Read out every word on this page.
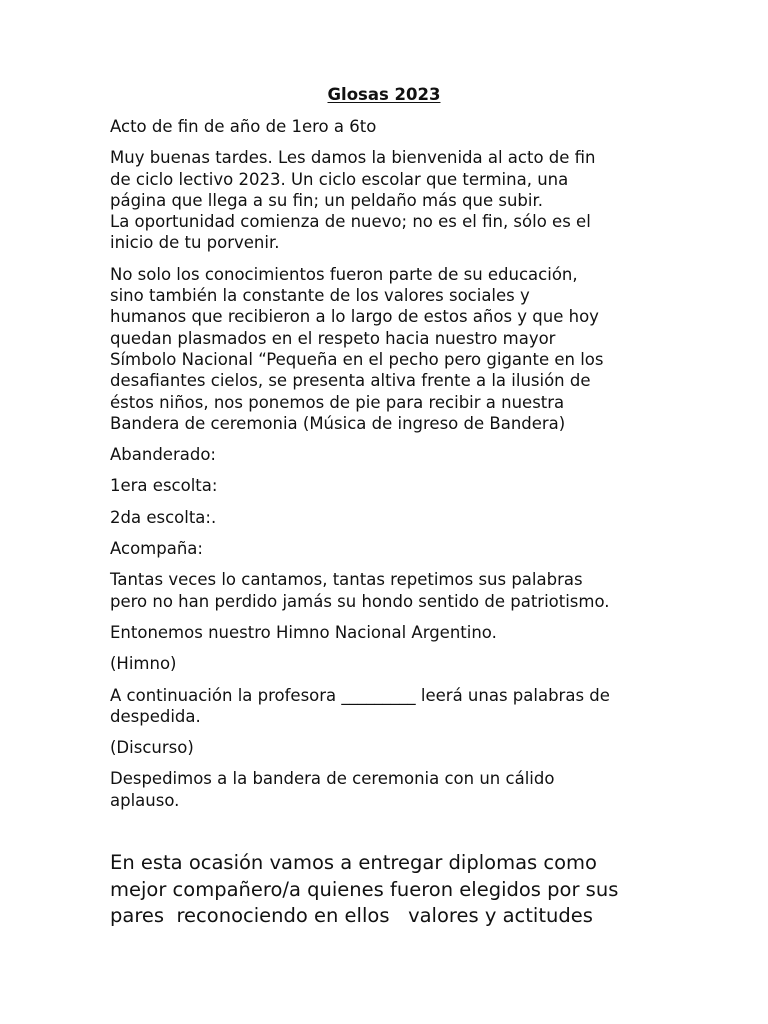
Glosas 2023

Acto de fin de año de 1ero a 6to

Muy buenas tardes. Les damos la bienvenida al acto de fin
de ciclo lectivo 2023. Un ciclo escolar que termina, una
página que llega a su fin; un peldaño más que subir.
La oportunidad comienza de nuevo; no es el fin, sólo es el
inicio de tu porvenir.

No solo los conocimientos fueron parte de su educación,
sino también la constante de los valores sociales y
humanos que recibieron a lo largo de estos años y que hoy
quedan plasmados en el respeto hacia nuestro mayor
Símbolo Nacional “Pequeña en el pecho pero gigante en los
desafiantes cielos, se presenta altiva frente a la ilusión de
éstos niños, nos ponemos de pie para recibir a nuestra
Bandera de ceremonia (Música de ingreso de Bandera)

Abanderado:

1era escolta:

2da escolta:.

Acompaña:

Tantas veces lo cantamos, tantas repetimos sus palabras
pero no han perdido jamás su hondo sentido de patriotismo.

Entonemos nuestro Himno Nacional Argentino.

(Himno)

A continuación la profesora _________ leerá unas palabras de
despedida.

(Discurso)

Despedimos a la bandera de ceremonia con un cálido
aplauso.

En esta ocasión vamos a entregar diplomas como
mejor compañero/a quienes fueron elegidos por sus
pares  reconociendo en ellos   valores y actitudes
